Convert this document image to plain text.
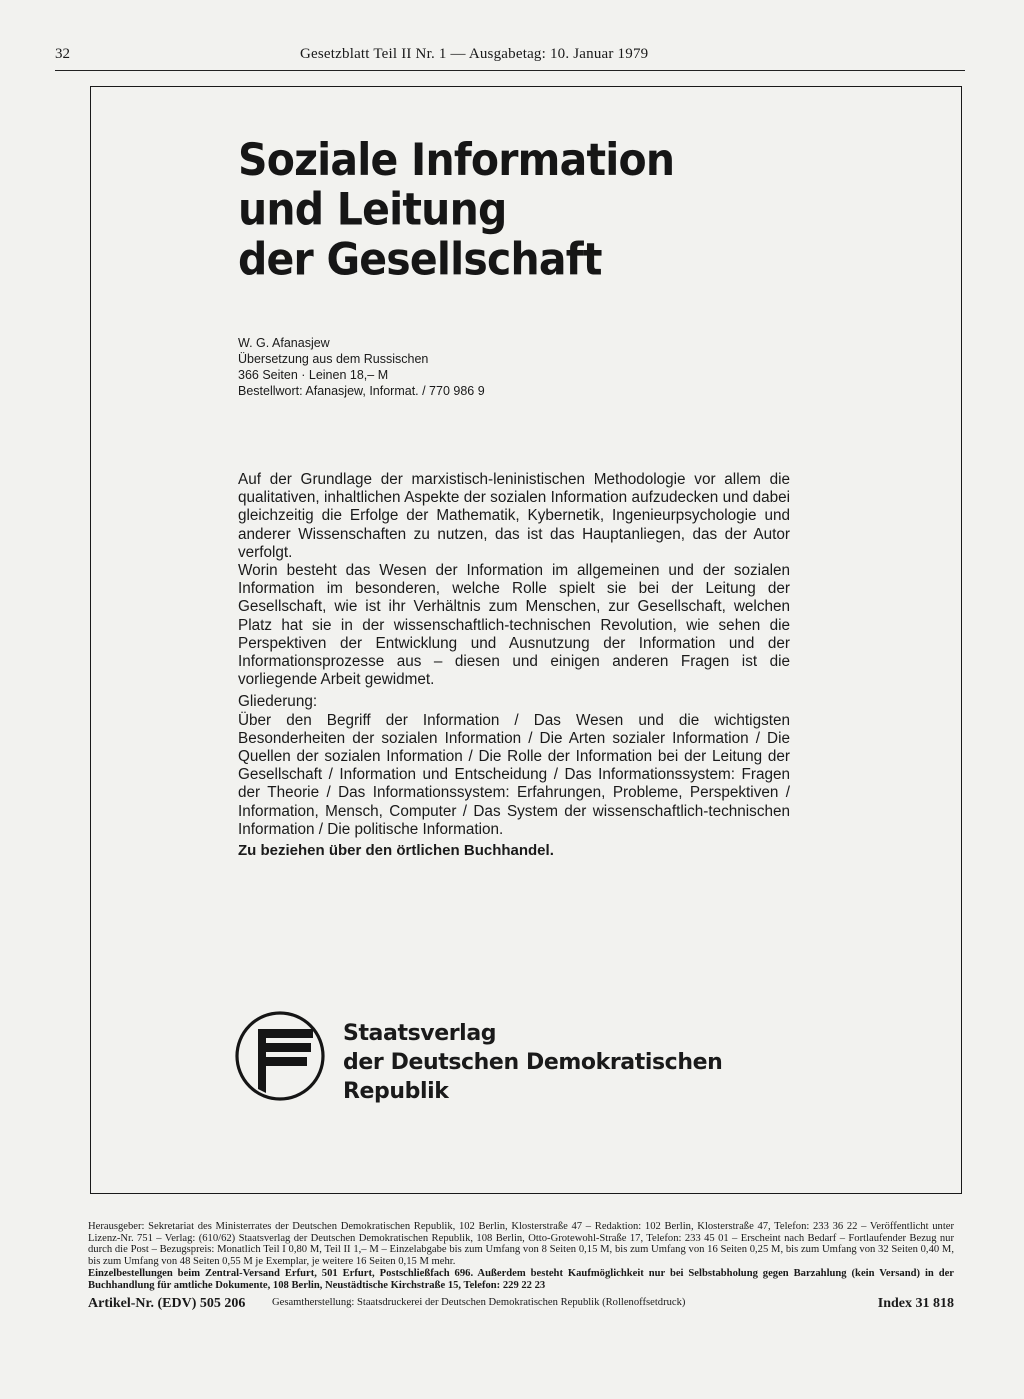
32	Gesetzblatt Teil II Nr. 1 — Ausgabetag: 10. Januar 1979
Soziale Information
und Leitung
der Gesellschaft
W. G. Afanasjew
Übersetzung aus dem Russischen
366 Seiten · Leinen 18,– M
Bestellwort: Afanasjew, Informat. / 770 986 9

Auf der Grundlage der marxistisch-leninistischen Methodologie vor allem die qualitativen, inhaltlichen Aspekte der sozialen Information aufzudecken und dabei gleichzeitig die Erfolge der Mathematik, Kybernetik, Ingenieurpsychologie und anderer Wissenschaften zu nutzen, das ist das Hauptanliegen, das der Autor verfolgt.

Worin besteht das Wesen der Information im allgemeinen und der sozialen Information im besonderen, welche Rolle spielt sie bei der Leitung der Gesellschaft, wie ist ihr Verhältnis zum Menschen, zur Gesellschaft, welchen Platz hat sie in der wissenschaftlich-technischen Revolution, wie sehen die Perspektiven der Entwicklung und Ausnutzung der Information und der Informationsprozesse aus – diesen und einigen anderen Fragen ist die vorliegende Arbeit gewidmet.

Gliederung:

Über den Begriff der Information / Das Wesen und die wichtigsten Besonderheiten der sozialen Information / Die Arten sozialer Information / Die Quellen der sozialen Information / Die Rolle der Information bei der Leitung der Gesellschaft / Information und Entscheidung / Das Informationssystem: Fragen der Theorie / Das Informationssystem: Erfahrungen, Probleme, Perspektiven / Information, Mensch, Computer / Das System der wissenschaftlich-technischen Information / Die politische Information.

Zu beziehen über den örtlichen Buchhandel.
Staatsverlag
der Deutschen Demokratischen
Republik

Herausgeber: Sekretariat des Ministerrates der Deutschen Demokratischen Republik, 102 Berlin, Klosterstraße 47 – Redaktion: 102 Berlin, Klosterstraße 47, Telefon: 233 36 22 – Veröffentlicht unter Lizenz-Nr. 751 – Verlag: (610/62) Staatsverlag der Deutschen Demokratischen Republik, 108 Berlin, Otto-Grotewohl-Straße 17, Telefon: 233 45 01 – Erscheint nach Bedarf – Fortlaufender Bezug nur durch die Post – Bezugspreis: Monatlich Teil I 0,80 M, Teil II 1,– M – Einzelabgabe bis zum Umfang von 8 Seiten 0,15 M, bis zum Umfang von 16 Seiten 0,25 M, bis zum Umfang von 32 Seiten 0,40 M, bis zum Umfang von 48 Seiten 0,55 M je Exemplar, je weitere 16 Seiten 0,15 M mehr.

Einzelbestellungen beim Zentral-Versand Erfurt, 501 Erfurt, Postschließfach 696. Außerdem besteht Kaufmöglichkeit nur bei Selbstabholung gegen Barzahlung (kein Versand) in der Buchhandlung für amtliche Dokumente, 108 Berlin, Neustädtische Kirchstraße 15, Telefon: 229 22 23

Artikel-Nr. (EDV) 505 206	Gesamtherstellung: Staatsdruckerei der Deutschen Demokratischen Republik (Rollenoffsetdruck)	Index 31 818
